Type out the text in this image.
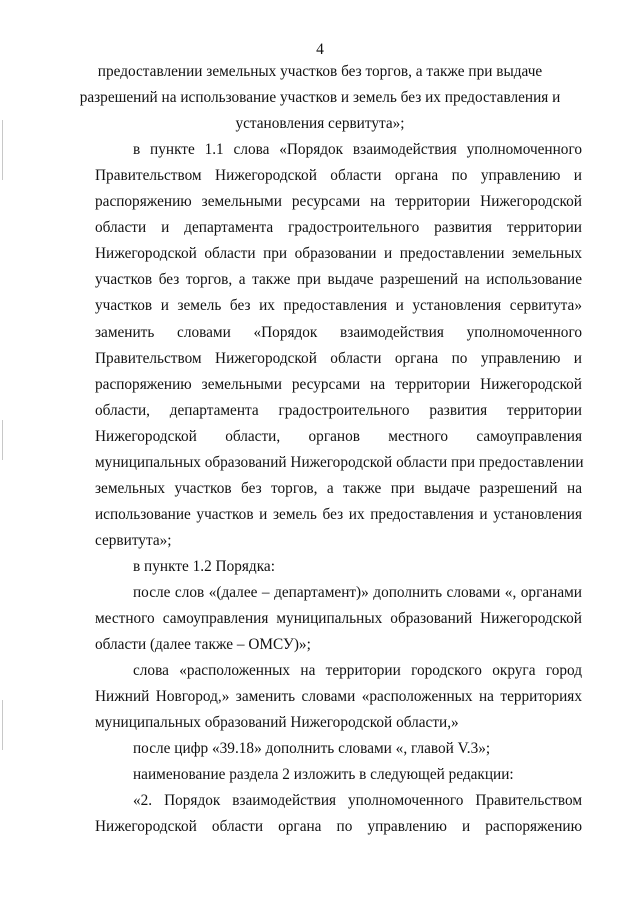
4
предоставлении земельных участков без торгов, а также при выдаче
разрешений на использование участков и земель без их предоставления и
установления сервитута»;
в пункте 1.1 слова «Порядок взаимодействия уполномоченного
Правительством Нижегородской области органа по управлению и
распоряжению земельными ресурсами на территории Нижегородской
области и департамента градостроительного развития территории
Нижегородской области при образовании и предоставлении земельных
участков без торгов, а также при выдаче разрешений на использование
участков и земель без их предоставления и установления сервитута»
заменить словами «Порядок взаимодействия уполномоченного
Правительством Нижегородской области органа по управлению и
распоряжению земельными ресурсами на территории Нижегородской
области, департамента градостроительного развития территории
Нижегородской области, органов местного самоуправления
муниципальных образований Нижегородской области при предоставлении
земельных участков без торгов, а также при выдаче разрешений на
использование участков и земель без их предоставления и установления
сервитута»;
в пункте 1.2 Порядка:
после слов «(далее – департамент)» дополнить словами «, органами
местного самоуправления муниципальных образований Нижегородской
области (далее также – ОМСУ)»;
слова «расположенных на территории городского округа город
Нижний Новгород,» заменить словами «расположенных на территориях
муниципальных образований Нижегородской области,»
после цифр «39.18» дополнить словами «, главой V.3»;
наименование раздела 2 изложить в следующей редакции:
«2. Порядок взаимодействия уполномоченного Правительством
Нижегородской области органа по управлению и распоряжению
